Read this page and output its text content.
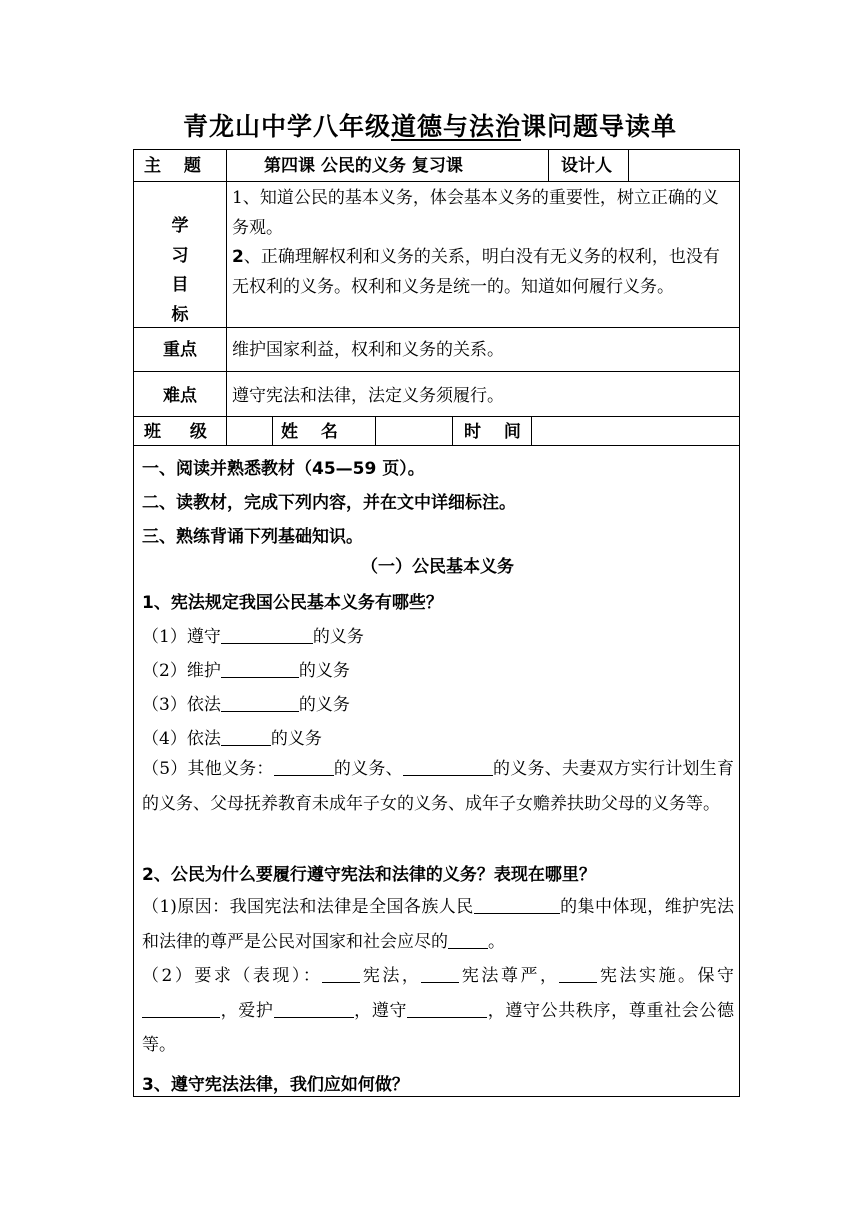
青龙山中学八年级道德与法治课问题导读单
主　 题	第四课 公民的义务 复习课	设计人
学
习
目
标
1、知道公民的基本义务，体会基本义务的重要性，树立正确的义务观。
2、正确理解权利和义务的关系，明白没有无义务的权利，也没有无权利的义务。权利和义务是统一的。知道如何履行义务。
重点	维护国家利益，权利和义务的关系。
难点	遵守宪法和法律，法定义务须履行。
班 　 级	姓　 名	时　 间
一、阅读并熟悉教材（45—59 页）。
二、读教材，完成下列内容，并在文中详细标注。
三、熟练背诵下列基础知识。
（一）公民基本义务
1、宪法规定我国公民基本义务有哪些？
（1）遵守	的义务
（2）维护	的义务
（3）依法	的义务
（4）依法	的义务
（5）其他义务：	的义务、	的义务、夫妻双方实行计划生育的义务、父母抚养教育未成年子女的义务、成年子女赡养扶助父母的义务等。
2、公民为什么要履行遵守宪法和法律的义务？表现在哪里？
（1)原因：我国宪法和法律是全国各族人民	的集中体现，维护宪法和法律的尊严是公民对国家和社会应尽的 。
（2）要求（表现）： 宪法， 宪法尊严， 宪法实施。保守，爱护	，遵守	，遵守公共秩序，尊重社会公德等。
3、遵守宪法法律，我们应如何做？
